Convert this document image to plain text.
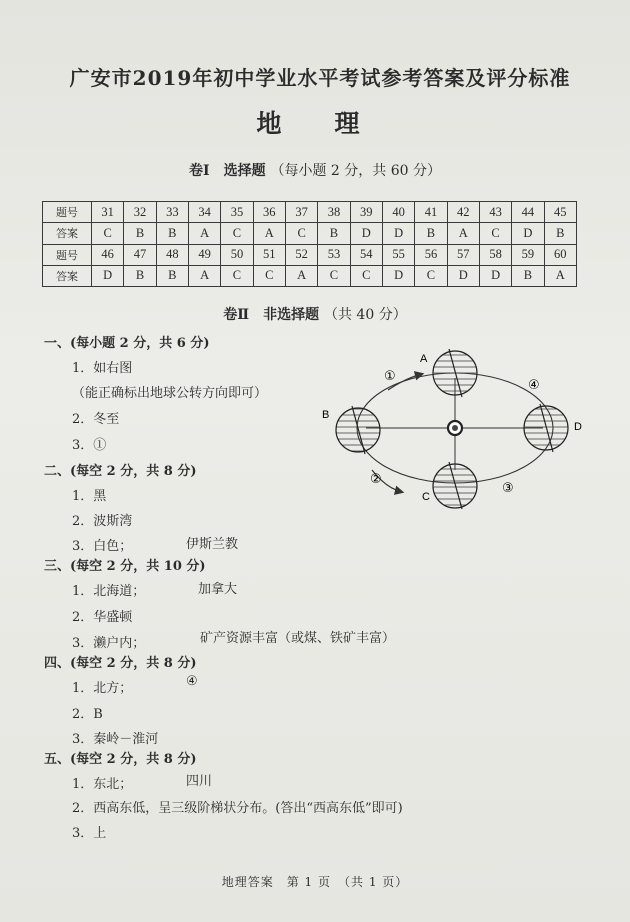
广安市2019年初中学业水平考试参考答案及评分标准
地　理
卷Ⅰ　选择题 （每小题 2 分，共 60 分）
题号	31	32	33	34	35	36	37	38	39	40	41	42	43	44	45
答案	C	B	B	A	C	A	C	B	D	D	B	A	C	D	B
题号	46	47	48	49	50	51	52	53	54	55	56	57	58	59	60
答案	D	B	B	A	C	C	A	C	C	D	C	D	D	B	A
卷Ⅱ　非选择题 （共 40 分）
一、(每小题 2 分，共 6 分)
1．如右图
（能正确标出地球公转方向即可）
2．冬至
3．①
二、(每空 2 分，共 8 分)
1．黑
2．波斯湾
3．白色；	伊斯兰教
三、(每空 2 分，共 10 分)
1．北海道；	加拿大
2．华盛顿
3．濑户内；	矿产资源丰富（或煤、铁矿丰富）
四、(每空 2 分，共 8 分)
1．北方；	④
2．B
3．秦岭－淮河
五、(每空 2 分，共 8 分)
1．东北；	四川
2．西高东低，呈三级阶梯状分布。(答出“西高东低”即可)
3．上
A
B
C
D
①
②
③
④
地理答案　第 1 页　（共 1 页）
